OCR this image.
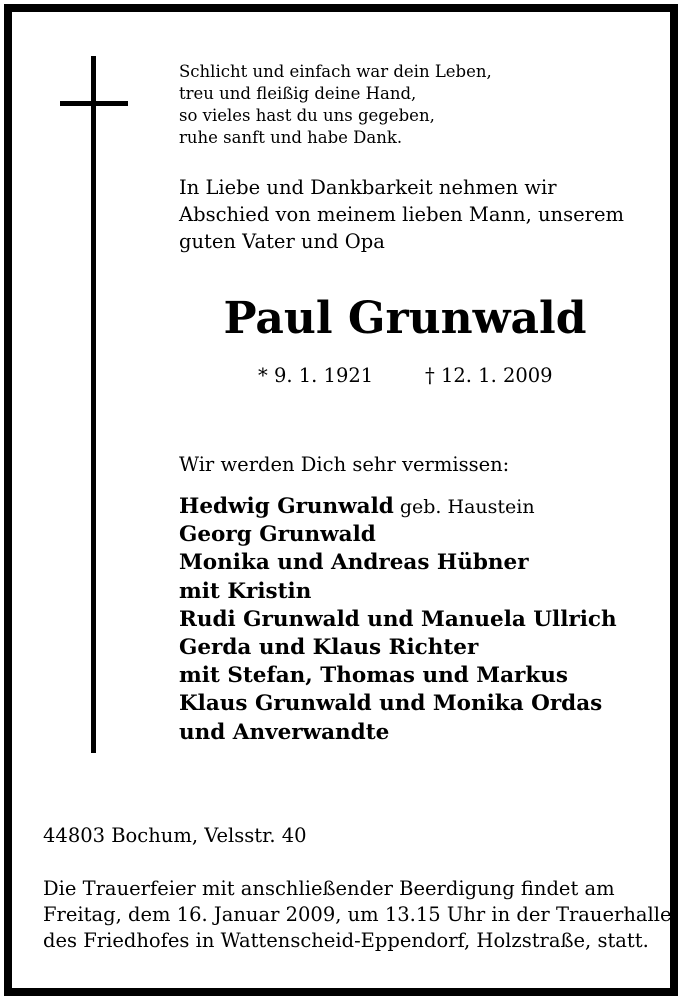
Schlicht und einfach war dein Leben,
treu und fleißig deine Hand,
so vieles hast du uns gegeben,
ruhe sanft und habe Dank.
In Liebe und Dankbarkeit nehmen wir
Abschied von meinem lieben Mann, unserem
guten Vater und Opa
Paul Grunwald
* 9. 1. 1921	† 12. 1. 2009
Wir werden Dich sehr vermissen:
Hedwig Grunwald geb. Haustein
Georg Grunwald
Monika und Andreas Hübner
mit Kristin
Rudi Grunwald und Manuela Ullrich
Gerda und Klaus Richter
mit Stefan, Thomas und Markus
Klaus Grunwald und Monika Ordas
und Anverwandte
44803 Bochum, Velsstr. 40
Die Trauerfeier mit anschließender Beerdigung findet am
Freitag, dem 16. Januar 2009, um 13.15 Uhr in der Trauerhalle
des Friedhofes in Wattenscheid-Eppendorf, Holzstraße, statt.
